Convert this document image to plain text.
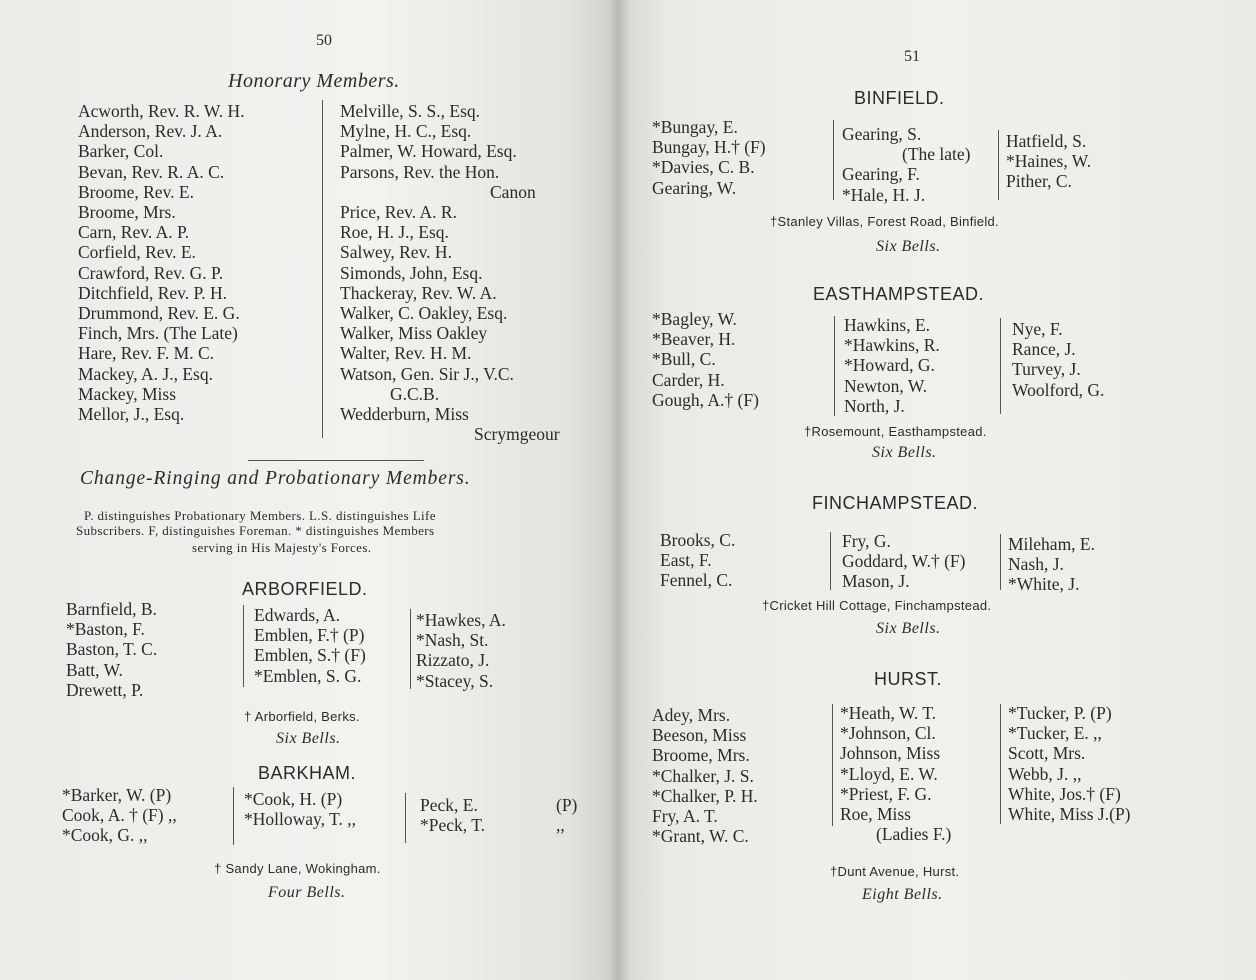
50
Honorary Members.
Acworth, Rev. R. W. H.
Anderson, Rev. J. A.
Barker, Col.
Bevan, Rev. R. A. C.
Broome, Rev. E.
Broome, Mrs.
Carn, Rev. A. P.
Corfield, Rev. E.
Crawford, Rev. G. P.
Ditchfield, Rev. P. H.
Drummond, Rev. E. G.
Finch, Mrs. (The Late)
Hare, Rev. F. M. C.
Mackey, A. J., Esq.
Mackey, Miss
Mellor, J., Esq.
Melville, S. S., Esq.
Mylne, H. C., Esq.
Palmer, W. Howard, Esq.
Parsons, Rev. the Hon.
Canon
Price, Rev. A. R.
Roe, H. J., Esq.
Salwey, Rev. H.
Simonds, John, Esq.
Thackeray, Rev. W. A.
Walker, C. Oakley, Esq.
Walker, Miss Oakley
Walter, Rev. H. M.
Watson, Gen. Sir J., V.C.
G.C.B.
Wedderburn, Miss
Scrymgeour
Change-Ringing and Probationary Members.
P. distinguishes Probationary Members. L.S. distinguishes Life
Subscribers. F, distinguishes Foreman. * distinguishes Members
serving in His Majesty's Forces.
ARBORFIELD.
Barnfield, B.
*Baston, F.
Baston, T. C.
Batt, W.
Drewett, P.
Edwards, A.
Emblen, F.† (P)
Emblen, S.† (F)
*Emblen, S. G.
*Hawkes, A.
*Nash, St.
Rizzato, J.
*Stacey, S.
† Arborfield, Berks.
Six Bells.
BARKHAM.
*Barker, W. (P)
Cook, A. † (F) ,,
*Cook, G. ,,
*Cook, H. (P)
*Holloway, T. ,,
Peck, E.
*Peck, T.
(P)
,,
† Sandy Lane, Wokingham.
Four Bells.
51
BINFIELD.
*Bungay, E.
Bungay, H.† (F)
*Davies, C. B.
Gearing, W.
Gearing, S.
(The late)
Gearing, F.
*Hale, H. J.
Hatfield, S.
*Haines, W.
Pither, C.
†Stanley Villas, Forest Road, Binfield.
Six Bells.
EASTHAMPSTEAD.
*Bagley, W.
*Beaver, H.
*Bull, C.
Carder, H.
Gough, A.† (F)
Hawkins, E.
*Hawkins, R.
*Howard, G.
Newton, W.
North, J.
Nye, F.
Rance, J.
Turvey, J.
Woolford, G.
†Rosemount, Easthampstead.
Six Bells.
FINCHAMPSTEAD.
Brooks, C.
East, F.
Fennel, C.
Fry, G.
Goddard, W.† (F)
Mason, J.
Mileham, E.
Nash, J.
*White, J.
†Cricket Hill Cottage, Finchampstead.
Six Bells.
HURST.
Adey, Mrs.
Beeson, Miss
Broome, Mrs.
*Chalker, J. S.
*Chalker, P. H.
Fry, A. T.
*Grant, W. C.
*Heath, W. T.
*Johnson, Cl.
Johnson, Miss
*Lloyd, E. W.
*Priest, F. G.
Roe, Miss
(Ladies F.)
*Tucker, P. (P)
*Tucker, E. ,,
Scott, Mrs.
Webb, J. ,,
White, Jos.† (F)
White, Miss J.(P)
†Dunt Avenue, Hurst.
Eight Bells.
